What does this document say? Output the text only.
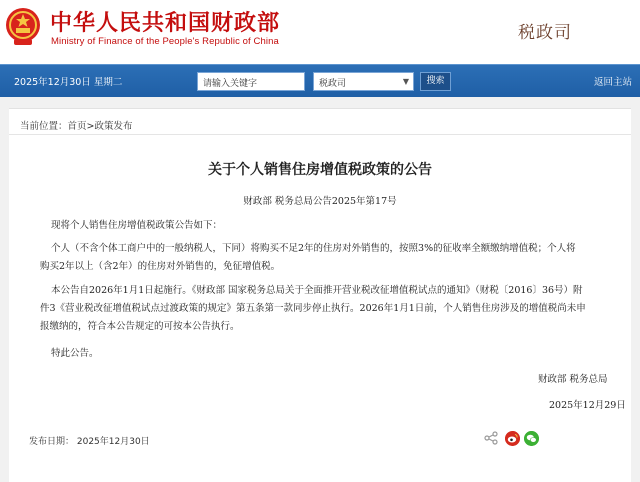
中华人民共和国财政部
Ministry of Finance of the People's Republic of China	税政司
2025年12月30日 星期二	请输入关键字	税政司	▼	搜索	返回主站
当前位置：首页>政策发布
关于个人销售住房增值税政策的公告
财政部 税务总局公告2025年第17号
现将个人销售住房增值税政策公告如下：
个人（不含个体工商户中的一般纳税人，下同）将购买不足2年的住房对外销售的，按照3%的征收率全额缴纳增值税；个人将
购买2年以上（含2年）的住房对外销售的，免征增值税。
本公告自2026年1月1日起施行。《财政部 国家税务总局关于全面推开营业税改征增值税试点的通知》（财税〔2016〕36号）附
件3《营业税改征增值税试点过渡政策的规定》第五条第一款同步停止执行。2026年1月1日前，个人销售住房涉及的增值税尚未申
报缴纳的，符合本公告规定的可按本公告执行。
特此公告。
财政部 税务总局
2025年12月29日
发布日期： 2025年12月30日
